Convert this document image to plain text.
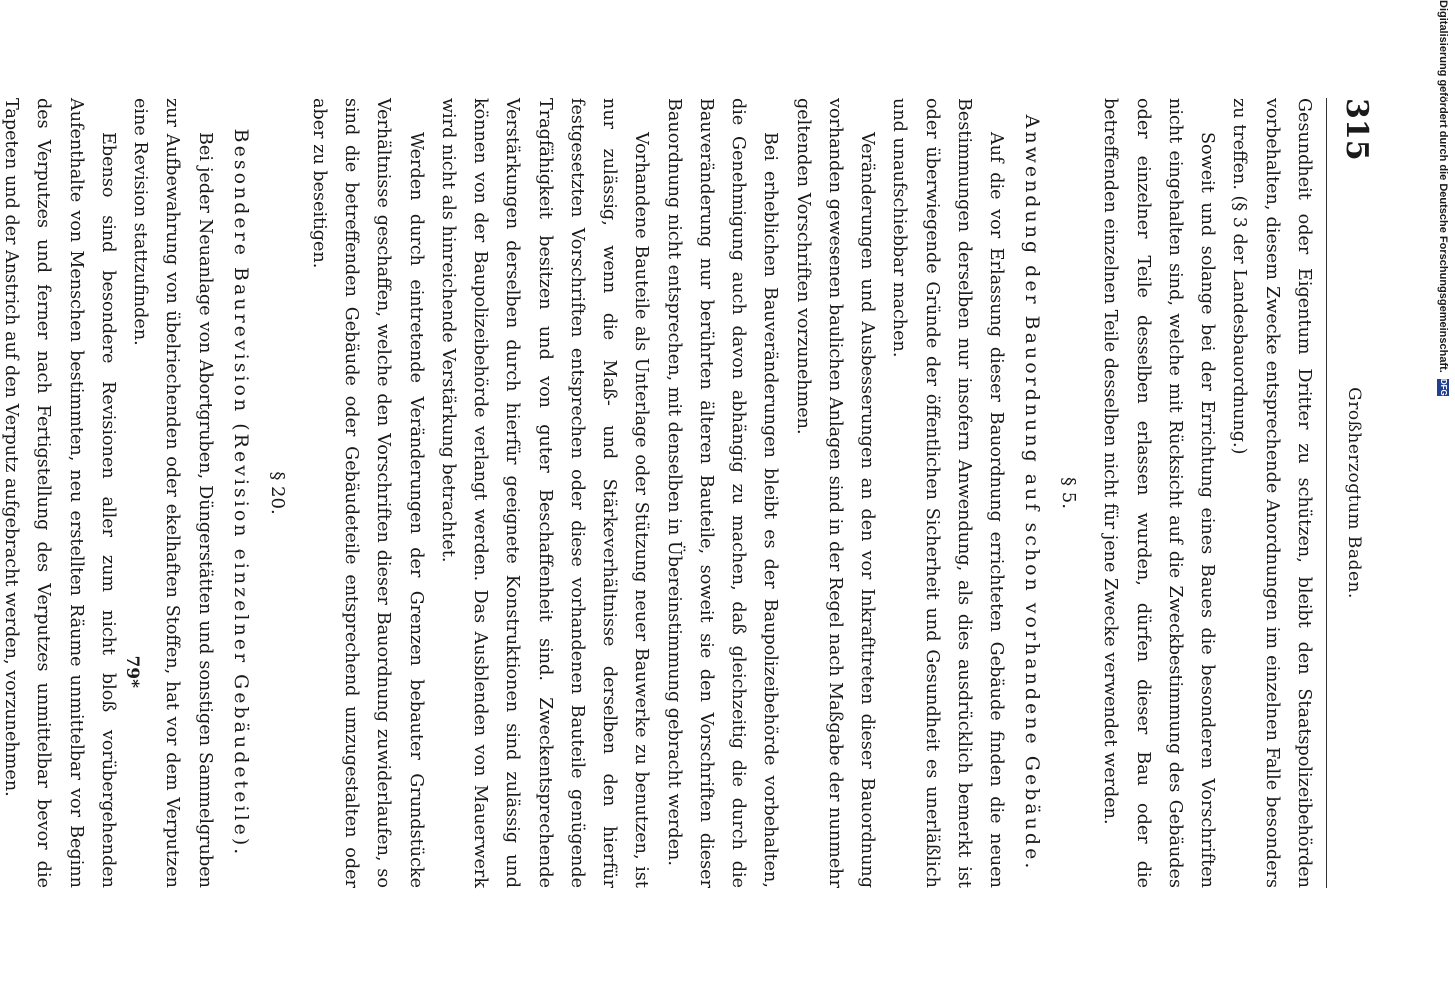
315
Großherzogtum Baden.

Gesundheit oder Eigentum Dritter zu schützen, bleibt den Staatspolizeibehörden vorbehalten, diesem Zwecke entsprechende Anordnungen im einzelnen Falle besonders zu treffen. (§ 3 der Landesbauordnung.)

Soweit und solange bei der Errichtung eines Baues die besonderen Vorschriften nicht eingehalten sind, welche mit Rücksicht auf die Zweckbestimmung des Gebäudes oder einzelner Teile desselben erlassen wurden, dürfen dieser Bau oder die betreffenden einzelnen Teile desselben nicht für jene Zwecke verwendet werden.

§ 5.
Anwendung der Bauordnung auf schon vorhandene Gebäude.

Auf die vor Erlassung dieser Bauordnung errichteten Gebäude finden die neuen Bestimmungen derselben nur insofern Anwendung, als dies ausdrücklich bemerkt ist oder überwiegende Gründe der öffentlichen Sicherheit und Gesundheit es unerläßlich und unaufschiebbar machen.

Veränderungen und Ausbesserungen an den vor Inkrafttreten dieser Bauordnung vorhanden gewesenen baulichen Anlagen sind in der Regel nach Maßgabe der nunmehr geltenden Vorschriften vorzunehmen.

Bei erheblichen Bauveränderungen bleibt es der Baupolizeibehörde vorbehalten, die Genehmigung auch davon abhängig zu machen, daß gleichzeitig die durch die Bauveränderung nur berührten älteren Bauteile, soweit sie den Vorschriften dieser Bauordnung nicht entsprechen, mit denselben in Übereinstimmung gebracht werden.

Vorhandene Bauteile als Unterlage oder Stützung neuer Bauwerke zu benutzen, ist nur zulässig, wenn die Maß- und Stärkeverhältnisse derselben den hierfür festgesetzten Vorschriften entsprechen oder diese vorhandenen Bauteile genügende Tragfähigkeit besitzen und von guter Beschaffenheit sind. Zweckentsprechende Verstärkungen derselben durch hierfür geeignete Konstruktionen sind zulässig und können von der Baupolizeibehörde verlangt werden. Das Ausblenden von Mauerwerk wird nicht als hinreichende Verstärkung betrachtet.

Werden durch eintretende Veränderungen der Grenzen bebauter Grundstücke Verhältnisse geschaffen, welche den Vorschriften dieser Bauordnung zuwiderlaufen, so sind die betreffenden Gebäude oder Gebäudeteile entsprechend umzugestalten oder aber zu beseitigen.

§ 20.
Besondere Baurevision (Revision einzelner Gebäudeteile).

Bei jeder Neuanlage von Abortgruben, Düngerstätten und sonstigen Sammelgruben zur Aufbewahrung von übelriechenden oder ekelhaften Stoffen, hat vor dem Verputzen eine Revision stattzufinden.

Ebenso sind besondere Revisionen aller zum nicht bloß vorübergehenden Aufenthalte von Menschen bestimmten, neu erstellten Räume unmittelbar vor Beginn des Verputzes und ferner nach Fertigstellung des Verputzes unmittelbar bevor die Tapeten und der Anstrich auf den Verputz aufgebracht werden, vorzunehmen.	79*
Digitalisierung gefördert durch die Deutsche Forschungsgemeinschaft.
DFG
